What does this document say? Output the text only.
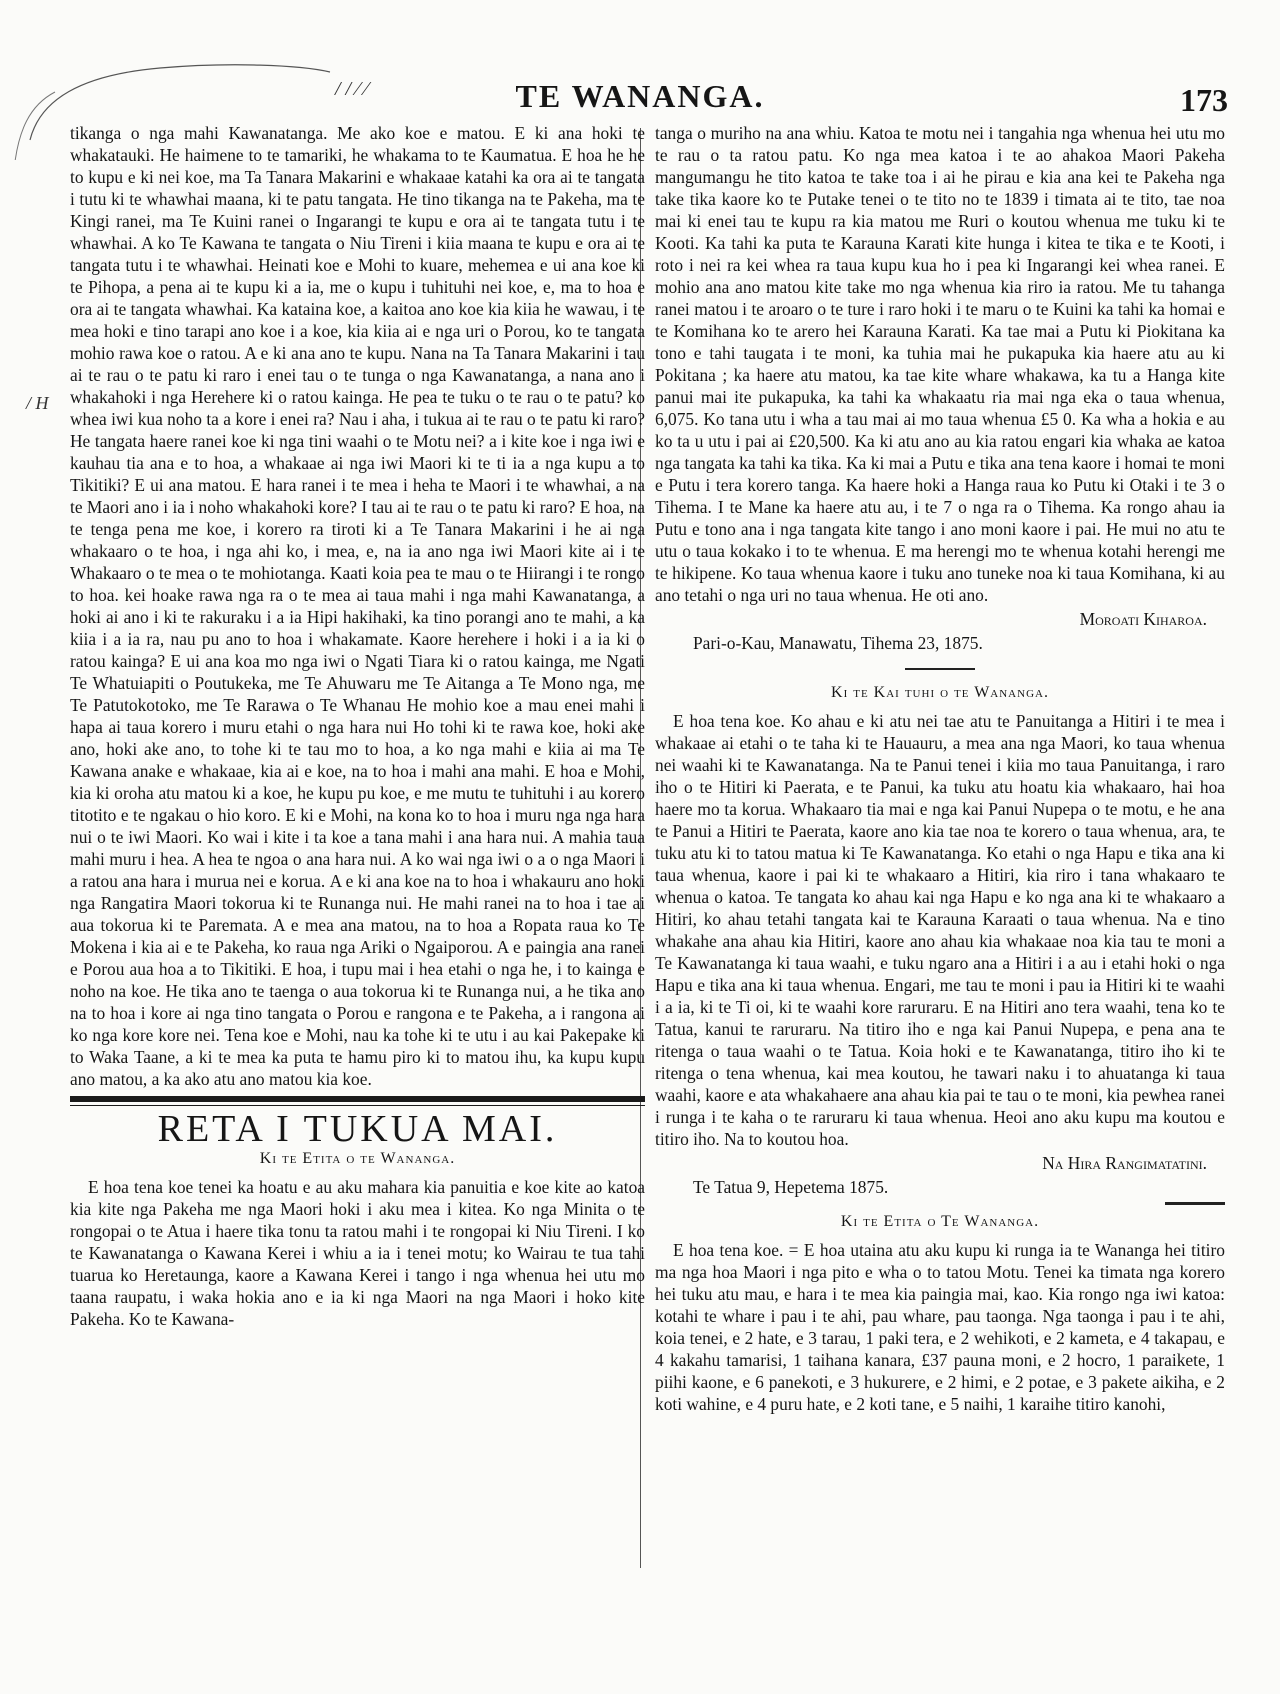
/ / ⁄ ⁄	TE WANANGA.	173
/ H

tikanga o nga mahi Kawanatanga. Me ako koe e matou. E ki ana hoki te whakatauki. He haimene to te tamariki, he whakama to te Kaumatua. E hoa he he to kupu e ki nei koe, ma Ta Tanara Makarini e whakaae katahi ka ora ai te tangata i tutu ki te whawhai maana, ki te patu tangata. He tino tikanga na te Pakeha, ma te Kingi ranei, ma Te Kuini ranei o Ingarangi te kupu e ora ai te tangata tutu i te whawhai. A ko Te Kawana te tangata o Niu Tireni i kiia maana te kupu e ora ai te tangata tutu i te whawhai. Heinati koe e Mohi to kuare, mehemea e ui ana koe ki te Pihopa, a pena ai te kupu ki a ia, me o kupu i tuhituhi nei koe, e, ma to hoa e ora ai te tangata whawhai. Ka kataina koe, a kaitoa ano koe kia kiia he wawau, i te mea hoki e tino tarapi ano koe i a koe, kia kiia ai e nga uri o Porou, ko te tangata mohio rawa koe o ratou. A e ki ana ano te kupu. Nana na Ta Tanara Makarini i tau ai te rau o te patu ki raro i enei tau o te tunga o nga Kawanatanga, a nana ano i whakahoki i nga Herehere ki o ratou kainga. He pea te tuku o te rau o te patu? ko whea iwi kua noho ta a kore i enei ra? Nau i aha, i tukua ai te rau o te patu ki raro? He tangata haere ranei koe ki nga tini waahi o te Motu nei? a i kite koe i nga iwi e kauhau tia ana e to hoa, a whakaae ai nga iwi Maori ki te ti ia a nga kupu a to Tikitiki? E ui ana matou. E hara ranei i te mea i heha te Maori i te whawhai, a na te Maori ano i ia i noho whakahoki kore? I tau ai te rau o te patu ki raro? E hoa, na te tenga pena me koe, i korero ra tiroti ki a Te Tanara Makarini i he ai nga whakaaro o te hoa, i nga ahi ko, i mea, e, na ia ano nga iwi Maori kite ai i te Whakaaro o te mea o te mohiotanga. Kaati koia pea te mau o te Hiirangi i te rongo to hoa. kei hoake rawa nga ra o te mea ai taua mahi i nga mahi Kawanatanga, a hoki ai ano i ki te rakuraku i a ia Hipi hakihaki, ka tino porangi ano te mahi, a ka kiia i a ia ra, nau pu ano to hoa i whakamate. Kaore herehere i hoki i a ia ki o ratou kainga? E ui ana koa mo nga iwi o Ngati Tiara ki o ratou kainga, me Ngati Te Whatuiapiti o Poutukeka, me Te Ahuwaru me Te Aitanga a Te Mono nga, me Te Patutokotoko, me Te Rarawa o Te Whanau He mohio koe a mau enei mahi i hapa ai taua korero i muru etahi o nga hara nui Ho tohi ki te rawa koe, hoki ake ano, hoki ake ano, to tohe ki te tau mo to hoa, a ko nga mahi e kiia ai ma Te Kawana anake e whakaae, kia ai e koe, na to hoa i mahi ana mahi. E hoa e Mohi, kia ki oroha atu matou ki a koe, he kupu pu koe, e me mutu te tuhituhi i au korero titotito e te ngakau o hio koro. E ki e Mohi, na kona ko to hoa i muru nga nga hara nui o te iwi Maori. Ko wai i kite i ta koe a tana mahi i ana hara nui. A mahia taua mahi muru i hea. A hea te ngoa o ana hara nui. A ko wai nga iwi o a o nga Maori i a ratou ana hara i murua nei e koruа. A e ki ana koe na to hoa i whakauru ano hoki nga Rangatira Maori tokorua ki te Runanga nui. He mahi ranei na to hoa i tae ai aua tokorua ki te Paremata. A e mea ana matou, na to hoa a Ropata raua ko Te Mokena i kia ai e te Pakeha, ko raua nga Ariki o Ngaiporou. A e paingia ana ranei e Porou aua hoa a to Tikitiki. E hoa, i tupu mai i hea etahi o nga he, i to kainga e noho na koe. He tika ano te taenga o aua tokorua ki te Runanga nui, a he tika ano na to hoa i kore ai nga tino tangata o Porou e rangona e te Pakeha, a i rangona ai ko nga kore kore nei. Tena koe e Mohi, nau ka tohe ki te utu i au kai Pakepake ki to Waka Taane, a ki te mea ka puta te hamu piro ki to matou ihu, ka kupu kupu ano matou, a ka ako atu ano matou kia koe.

RETA I TUKUA MAI.
Ki te Etita o te Wananga.

E hoa tena koe tenei ka hoatu e au aku mahara kia panuitia e koe kite ao katoa kia kite nga Pakeha me nga Maori hoki i aku mea i kitea. Ko nga Minita o te rongopai o te Atua i haere tika tonu ta ratou mahi i te rongopai ki Niu Tireni. I ko te Kawanatanga o Kawana Kerei i whiu a ia i tenei motu; ko Wairau te tua tahi tuarua ko Heretaunga, kaore a Kawana Kerei i tango i nga whenua hei utu mo taana raupatu, i waka hokia ano e ia ki nga Maori na nga Maori i hoko kite Pakeha. Ko te Kawana-

tanga o muriho na ana whiu. Katoa te motu nei i tangahia nga whenua hei utu mo te rau o ta ratou patu. Ko nga mea katoa i te ao ahakoa Maori Pakeha mangumangu he tito katoa te take toa i ai he pirau e kia ana kei te Pakeha nga take tika kaore ko te Putake tenei o te tito no te 1839 i timata ai te tito, tae noa mai ki enei tau te kupu ra kia matou me Ruri o koutou whenua me tuku ki te Kooti. Ka tahi ka puta te Karauna Karati kite hunga i kitea te tika e te Kooti, i roto i nei ra kei whea ra taua kupu kua ho i pea ki Ingarangi kei whea ranei. E mohio ana ano matou kite take mo nga whenua kia riro ia ratou. Me tu tahanga ranei matou i te aroaro o te ture i raro hoki i te maru o te Kuini ka tahi ka homai e te Komihana ko te arero hei Karauna Karati. Ka tae mai a Putu ki Piokitana ka tono e tahi taugata i te moni, ka tuhia mai he pukapuka kia haere atu au ki Pokitana ; ka haere atu matou, ka tae kite whare whakawa, ka tu a Hanga kite panui mai ite pukapuka, ka tahi ka whakaatu ria mai nga eka o taua whenua, 6,075. Ko tana utu i wha a tau mai ai mo taua whenua £5 0. Ka wha a hokia e au ko ta u utu i pai ai £20,500. Ka ki atu ano au kia ratou engari kia whaka ae katoa nga tangata ka tahi ka tika. Ka ki mai a Putu e tika ana tena kaore i homai te moni e Putu i tera korero tanga. Ka haere hoki a Hanga raua ko Putu ki Otaki i te 3 o Tihema. I te Mane ka haere atu au, i te 7 o nga ra o Tihema. Ka rongo ahau ia Putu e tono ana i nga tangata kite tango i ano moni kaore i pai. He mui no atu te utu o taua kokako i to te whenua. E ma herengi mo te whenua kotahi herengi me te hikipene. Ko taua whenua kaore i tuku ano tuneke noa ki taua Komihana, ki au ano tetahi o nga uri no taua whenua. He oti ano.

Moroati Kiharoa.

Pari-o-Kau, Manawatu, Tihema 23, 1875.

Ki te Kai tuhi o te Wananga.

E hoa tena koe. Ko ahau e ki atu nei tae atu te Panuitanga a Hitiri i te mea i whakaae ai etahi o te taha ki te Hauauru, a mea ana nga Maori, ko taua whenua nei waahi ki te Kawanatanga. Na te Panui tenei i kiia mo taua Panuitanga, i raro iho o te Hitiri ki Paerata, e te Panui, ka tuku atu hoatu kia whakaaro, hai hoa haere mo ta koruа. Whakaaro tia mai e nga kai Panui Nupepa o te motu, e he ana te Panui a Hitiri te Paerata, kaore ano kia tae noa te korero o taua whenua, ara, te tuku atu ki to tatou matua ki Te Kawanatanga. Ko etahi o nga Hapu e tika ana ki taua whenua, kaore i pai ki te whakaaro a Hitiri, kia riro i tana whakaaro te whenua o katoa. Te tangata ko ahau kai nga Hapu e ko nga ana ki te whakaaro a Hitiri, ko ahau tetahi tangata kai te Karauna Karaati o taua whenua. Na e tino whakahe ana ahau kia Hitiri, kaore ano ahau kia whakaae noa kia tau te moni a Te Kawanatanga ki taua waahi, e tuku ngaro ana a Hitiri i a au i etahi hoki o nga Hapu e tika ana ki taua whenua. Engari, me tau te moni i pau ia Hitiri ki te waahi i a ia, ki te Ti oi, ki te waahi kore raruraru. E na Hitiri ano tera waahi, tena ko te Tatua, kanui te raruraru. Na titiro iho e nga kai Panui Nupepa, e pena ana te ritenga o taua waahi o te Tatua. Koia hoki e te Kawanatanga, titiro iho ki te ritenga o tena whenua, kai mea koutou, he tawari naku i to ahuatanga ki taua waahi, kaore e ata whakahaere ana ahau kia pai te tau o te moni, kia pewhea ranei i runga i te kaha o te raruraru ki taua whenua. Heoi ano aku kupu ma koutou e titiro iho. Na to koutou hoa.

Na Hira Rangimatatini.

Te Tatua 9, Hepetema 1875.

Ki te Etita o Te Wananga.

E hoa tena koe. = E hoa utaina atu aku kupu ki runga ia te Wananga hei titiro ma nga hoa Maori i nga pito e wha o to tatou Motu. Tenei ka timata nga korero hei tuku atu mau, e hara i te mea kia paingia mai, kao. Kia rongo nga iwi katoa: kotahi te whare i pau i te ahi, pau whare, pau taonga. Nga taonga i pau i te ahi, koia tenei, e 2 hate, e 3 tarau, 1 paki tera, e 2 wehikoti, e 2 kameta, e 4 takapau, e 4 kakahu tamarisi, 1 taihana kanara, £37 pauna moni, e 2 hocro, 1 paraikete, 1 piihi kaone, e 6 panekoti, e 3 hukurere, e 2 himi, e 2 potae, e 3 pakete aikiha, e 2 koti wahine, e 4 puru hate, e 2 koti tane, e 5 naihi, 1 karaihe titiro kanohi,
